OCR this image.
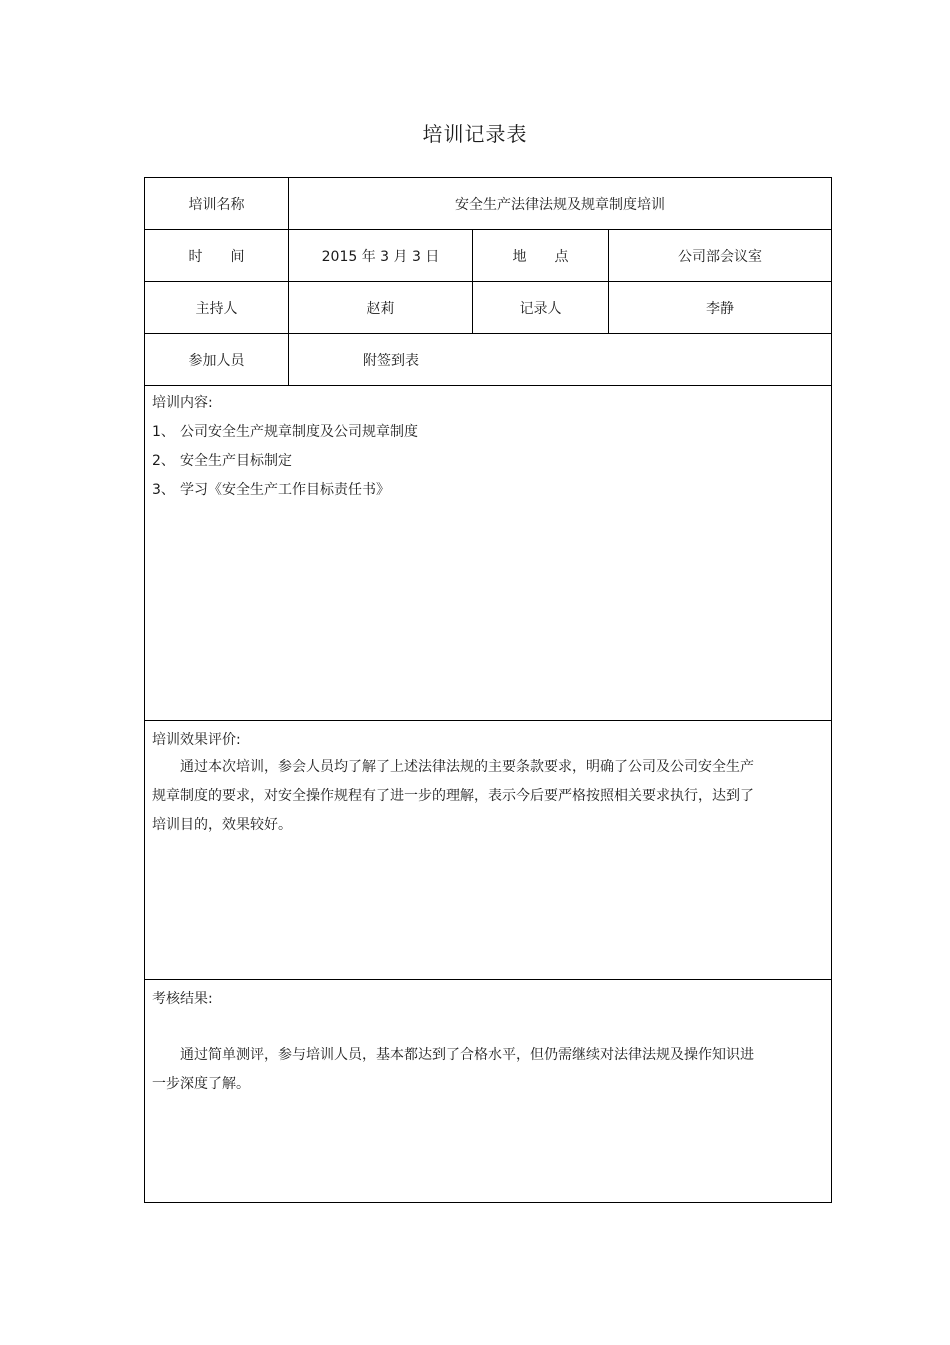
培训记录表
培训名称	安全生产法律法规及规章制度培训
时　　间	2015 年 3 月 3 日	地　　点	公司部会议室
主持人	赵莉	记录人	李静
参加人员	附签到表
培训内容:
1、 公司安全生产规章制度及公司规章制度
2、 安全生产目标制定
3、 学习《安全生产工作目标责任书》
培训效果评价:
通过本次培训，参会人员均了解了上述法律法规的主要条款要求，明确了公司及公司安全生产规章制度的要求，对安全操作规程有了进一步的理解，表示今后要严格按照相关要求执行，达到了培训目的，效果较好。
考核结果:
通过简单测评，参与培训人员，基本都达到了合格水平，但仍需继续对法律法规及操作知识进一步深度了解。
